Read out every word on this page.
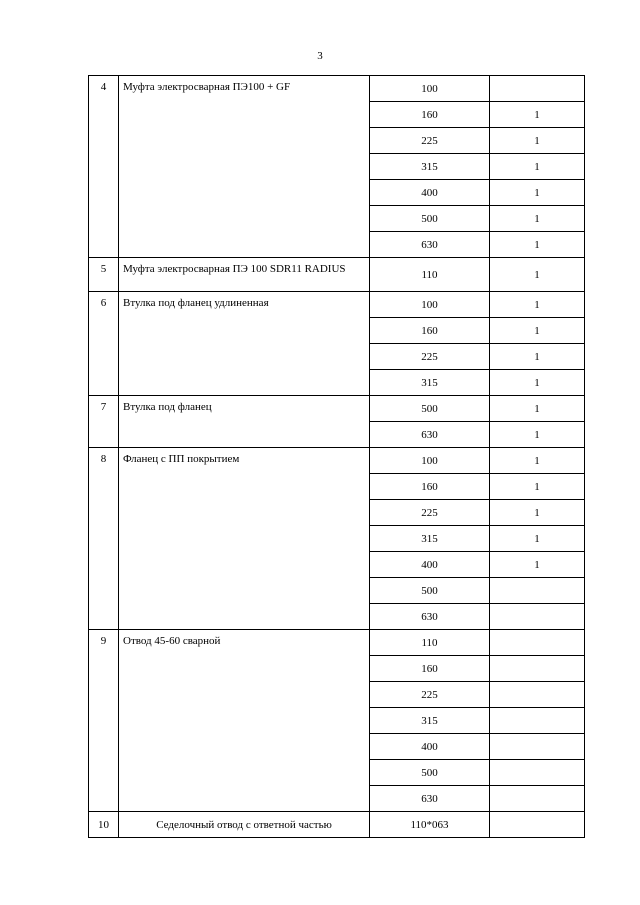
3
4	Муфта электросварная ПЭ100 + GF	100	
		160	1
		225	1
		315	1
		400	1
		500	1
		630	1
5	Муфта электросварная ПЭ 100 SDR11 RADIUS	110	1
6	Втулка под фланец удлиненная	100	1
		160	1
		225	1
		315	1
7	Втулка под фланец	500	1
		630	1
8	Фланец с ПП покрытием	100	1
		160	1
		225	1
		315	1
		400	1
		500	
		630	
9	Отвод 45-60 сварной	110	
		160	
		225	
		315	
		400	
		500	
		630	
10	Седелочный отвод с ответной частью	110*063	
